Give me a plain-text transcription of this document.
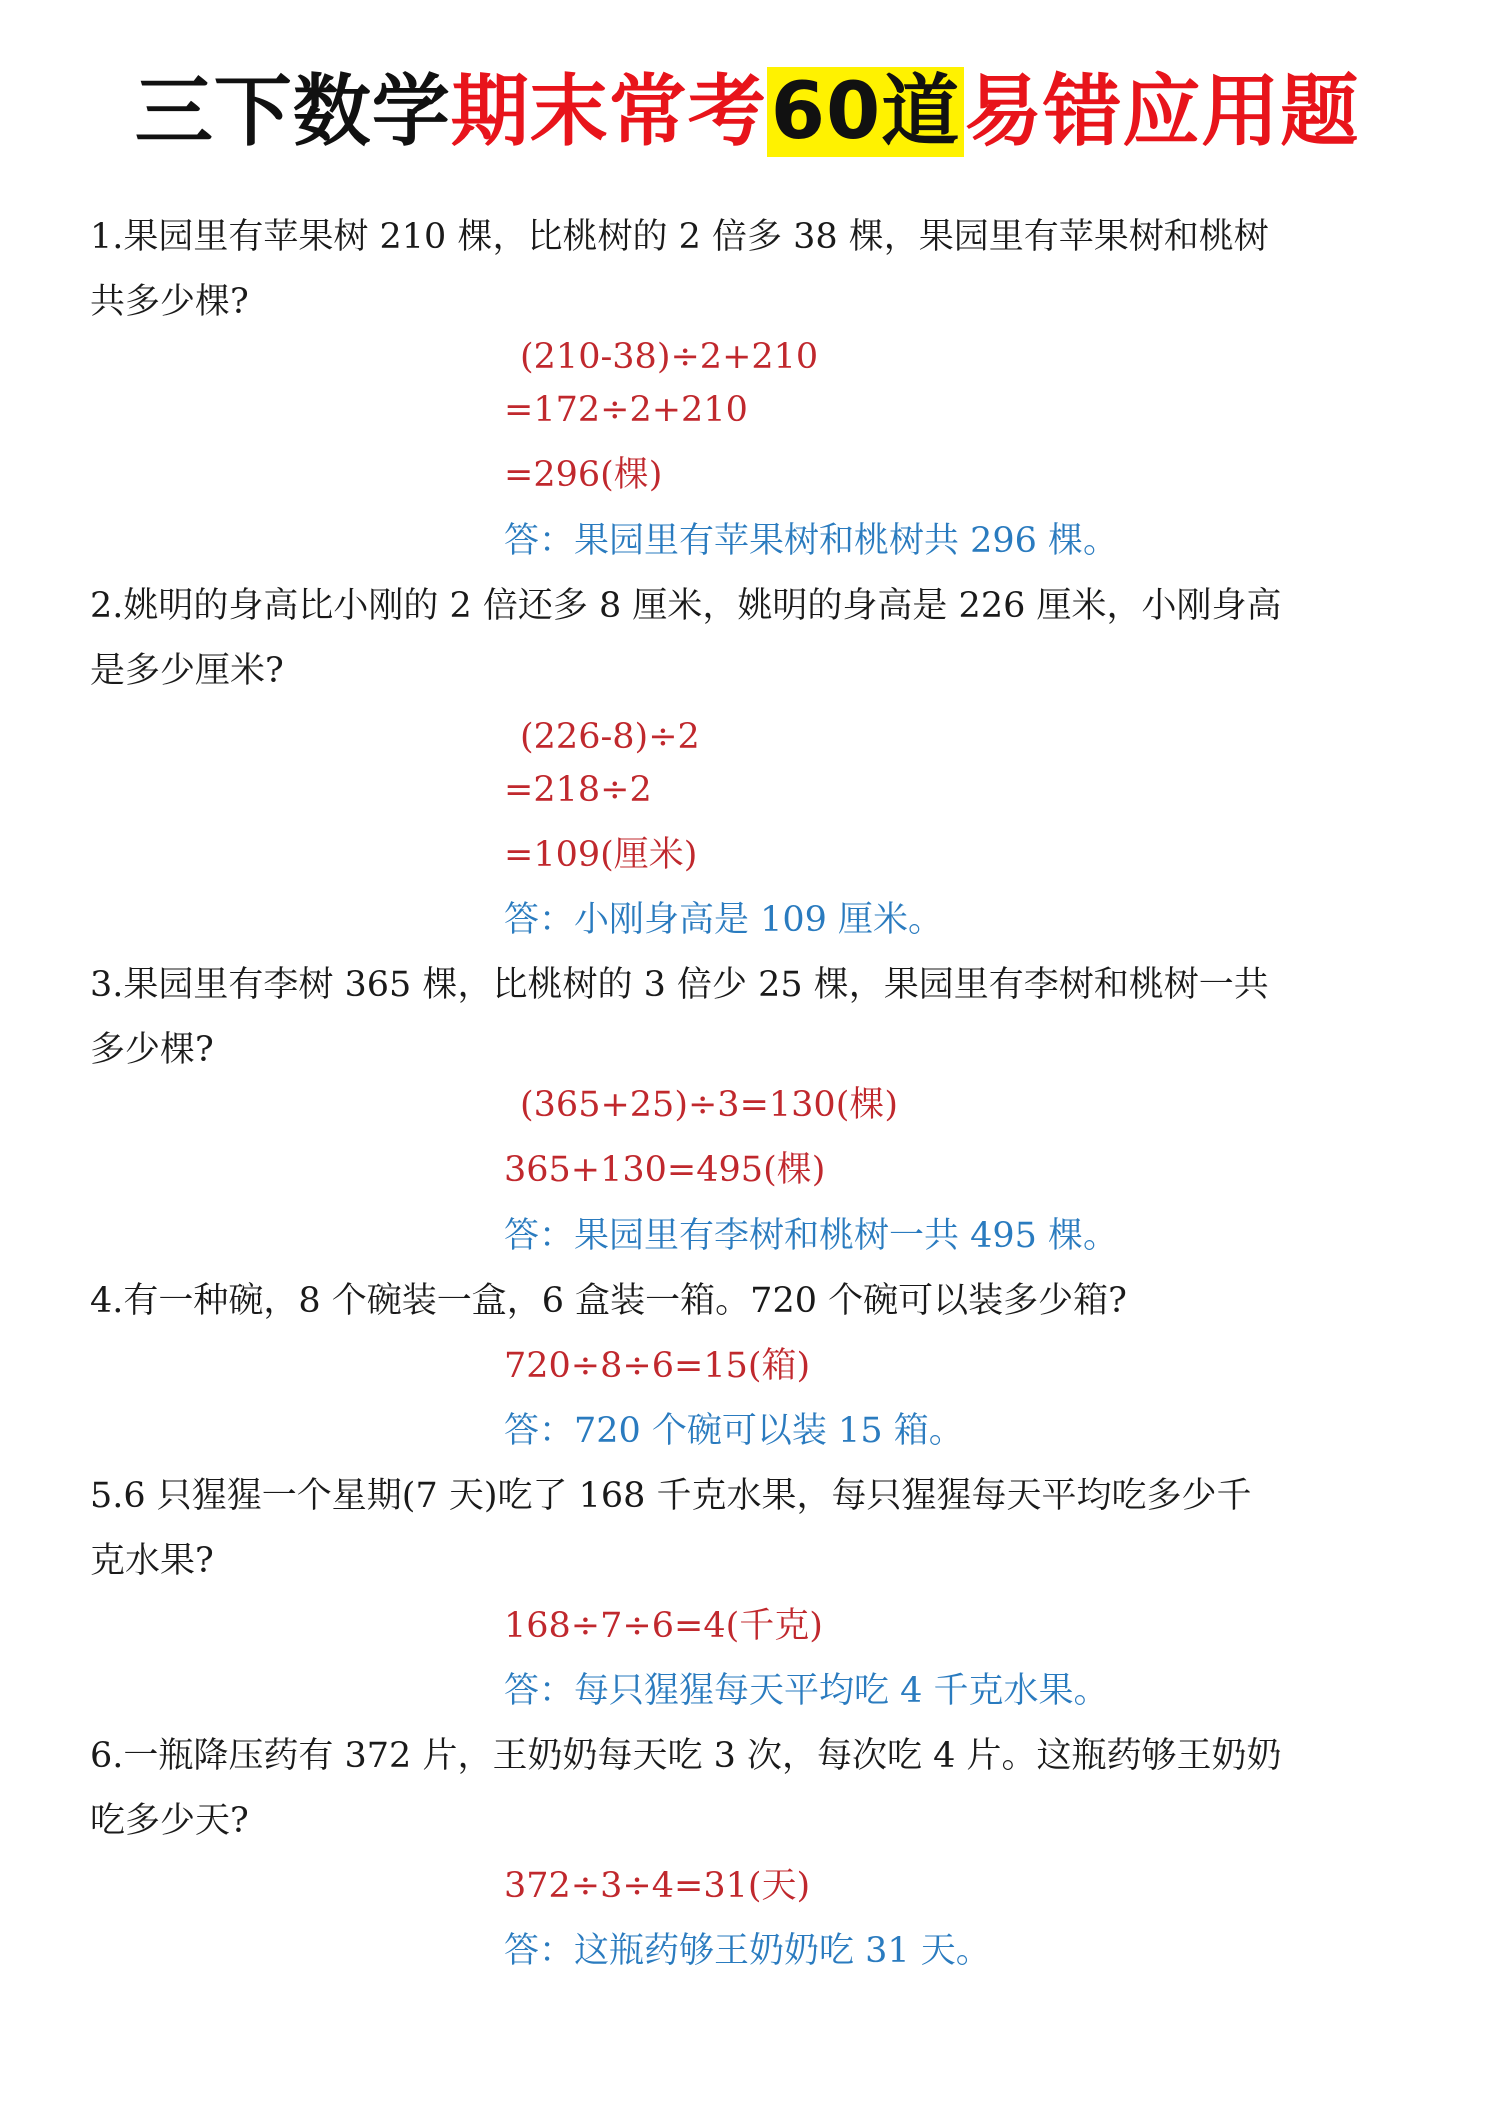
三下数学期末常考60道易错应用题
1.果园里有苹果树 210 棵，比桃树的 2 倍多 38 棵，果园里有苹果树和桃树
共多少棵?
(210-38)÷2+210
=172÷2+210
=296(棵)
答：果园里有苹果树和桃树共 296 棵。
2.姚明的身高比小刚的 2 倍还多 8 厘米，姚明的身高是 226 厘米，小刚身高
是多少厘米?
(226-8)÷2
=218÷2
=109(厘米)
答：小刚身高是 109 厘米。
3.果园里有李树 365 棵，比桃树的 3 倍少 25 棵，果园里有李树和桃树一共
多少棵?
(365+25)÷3=130(棵)
365+130=495(棵)
答：果园里有李树和桃树一共 495 棵。
4.有一种碗，8 个碗装一盒，6 盒装一箱。720 个碗可以装多少箱?
720÷8÷6=15(箱)
答：720 个碗可以装 15 箱。
5.6 只猩猩一个星期(7 天)吃了 168 千克水果，每只猩猩每天平均吃多少千
克水果?
168÷7÷6=4(千克)
答：每只猩猩每天平均吃 4 千克水果。
6.一瓶降压药有 372 片，王奶奶每天吃 3 次，每次吃 4 片。这瓶药够王奶奶
吃多少天?
372÷3÷4=31(天)
答：这瓶药够王奶奶吃 31 天。
